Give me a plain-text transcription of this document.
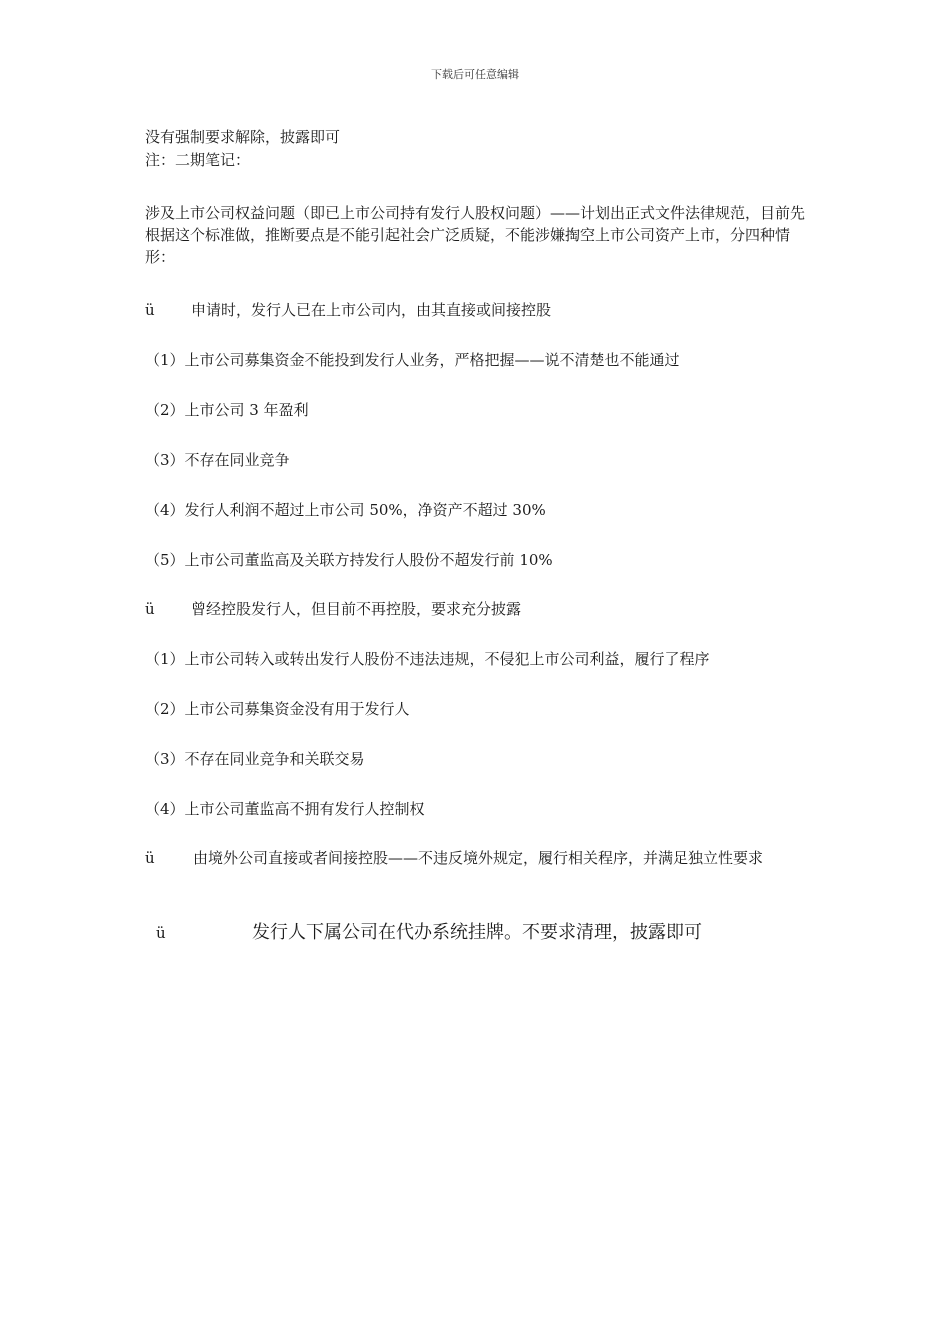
下载后可任意编辑
没有强制要求解除，披露即可
注：二期笔记：
涉及上市公司权益问题（即已上市公司持有发行人股权问题）——计划出正式文件法律规范，目前先根据这个标准做，推断要点是不能引起社会广泛质疑，不能涉嫌掏空上市公司资产上市，分四种情形：
ü 申请时，发行人已在上市公司内，由其直接或间接控股
（1）上市公司募集资金不能投到发行人业务，严格把握——说不清楚也不能通过
（2）上市公司 3 年盈利
（3）不存在同业竞争
（4）发行人利润不超过上市公司 50%，净资产不超过 30%
（5）上市公司董监高及关联方持发行人股份不超发行前 10%
ü 曾经控股发行人，但目前不再控股，要求充分披露
（1）上市公司转入或转出发行人股份不违法违规，不侵犯上市公司利益，履行了程序
（2）上市公司募集资金没有用于发行人
（3）不存在同业竞争和关联交易
（4）上市公司董监高不拥有发行人控制权
ü	由境外公司直接或者间接控股——不违反境外规定，履行相关程序，并满足独立性要求
ü	发行人下属公司在代办系统挂牌。不要求清理，披露即可
